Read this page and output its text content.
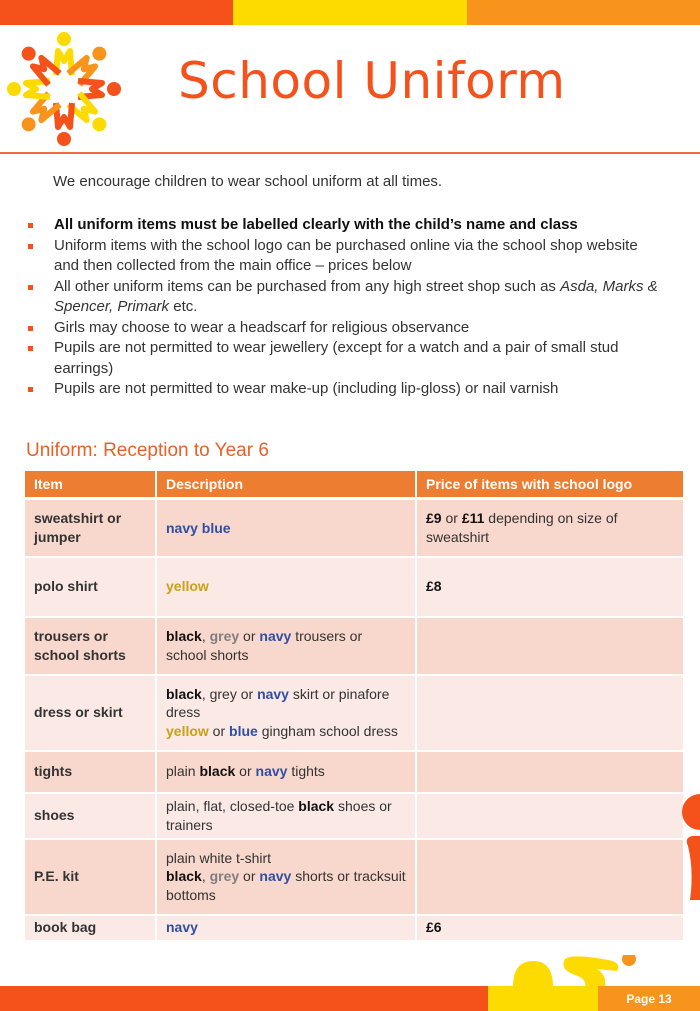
School Uniform
We encourage children to wear school uniform at all times.
All uniform items must be labelled clearly with the child’s name and class
Uniform items with the school logo can be purchased online via the school shop website and then collected from the main office – prices below
All other uniform items can be purchased from any high street shop such as Asda, Marks & Spencer, Primark etc.
Girls may choose to wear a headscarf for religious observance
Pupils are not permitted to wear jewellery (except for a watch and a pair of small stud earrings)
Pupils are not permitted to wear make-up (including lip-gloss) or nail varnish
Uniform: Reception to Year 6
Item	Description	Price of items with school logo
sweatshirt or jumper	navy blue	£9 or £11 depending on size of sweatshirt
polo shirt	yellow	£8
trousers or school shorts	black, grey or navy trousers or school shorts	
dress or skirt	black, grey or navy skirt or pinafore dress
yellow or blue gingham school dress	
tights	plain black or navy tights	
shoes	plain, flat, closed-toe black shoes or trainers	
P.E. kit	plain white t-shirt
black, grey or navy shorts or tracksuit bottoms	
book bag	navy	£6
Page 13
